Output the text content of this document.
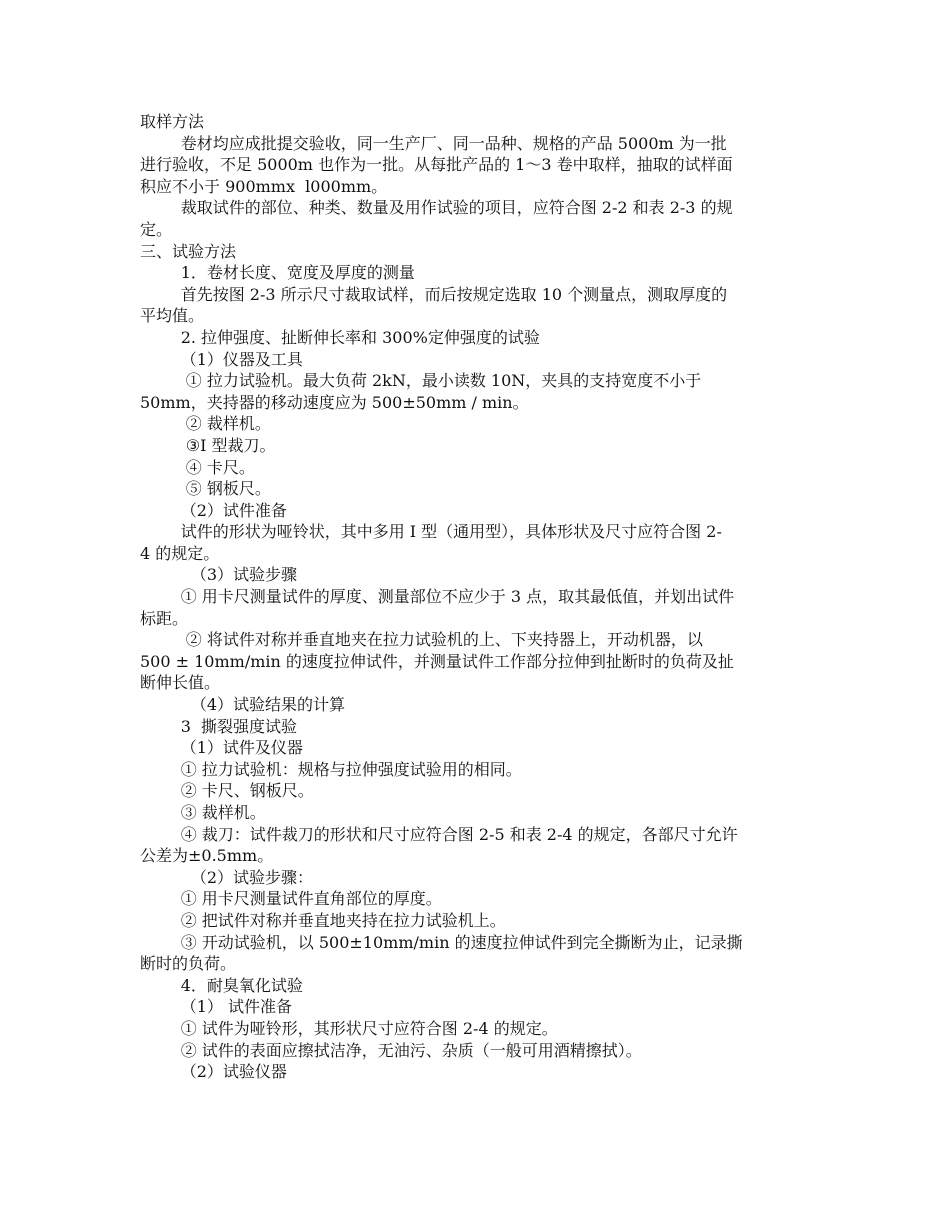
取样方法
卷材均应成批提交验收，同一生产厂、同一品种、规格的产品 5000m 为一批
进行验收，不足 5000m 也作为一批。从每批产品的 1～3 卷中取样，抽取的试样面
积应不小于 900mmx  l000mm。
裁取试件的部位、种类、数量及用作试验的项目，应符合图 2-2 和表 2-3 的规
定。
三、试验方法
1．卷材长度、宽度及厚度的测量
首先按图 2-3 所示尺寸裁取试样，而后按规定选取 10 个测量点，测取厚度的
平均值。
2. 拉伸强度、扯断伸长率和 300%定伸强度的试验
（1）仪器及工具
① 拉力试验机。最大负荷 2kN，最小读数 10N，夹具的支持宽度不小于
50mm，夹持器的移动速度应为 500±50mm / min。
② 裁样机。
③I 型裁刀。
④ 卡尺。
⑤ 钢板尺。
（2）试件准备
试件的形状为哑铃状，其中多用 I 型（通用型），具体形状及尺寸应符合图 2-
4 的规定。
（3）试验步骤
① 用卡尺测量试件的厚度、测量部位不应少于 3 点，取其最低值，并划出试件
标距。
② 将试件对称并垂直地夹在拉力试验机的上、下夹持器上，开动机器，以
500 ± 10mm/min 的速度拉伸试件，并测量试件工作部分拉伸到扯断时的负荷及扯
断伸长值。
（4）试验结果的计算
3  撕裂强度试验
（1）试件及仪器
① 拉力试验机：规格与拉伸强度试验用的相同。
② 卡尺、钢板尺。
③ 裁样机。
④ 裁刀：试件裁刀的形状和尺寸应符合图 2-5 和表 2-4 的规定，各部尺寸允许
公差为±0.5mm。
（2）试验步骤：
① 用卡尺测量试件直角部位的厚度。
② 把试件对称并垂直地夹持在拉力试验机上。
③ 开动试验机，以 500±10mm/min 的速度拉伸试件到完全撕断为止，记录撕
断时的负荷。
4．耐臭氧化试验
（1） 试件准备
① 试件为哑铃形，其形状尺寸应符合图 2-4 的规定。
② 试件的表面应擦拭洁净，无油污、杂质（一般可用酒精擦拭）。
（2）试验仪器
